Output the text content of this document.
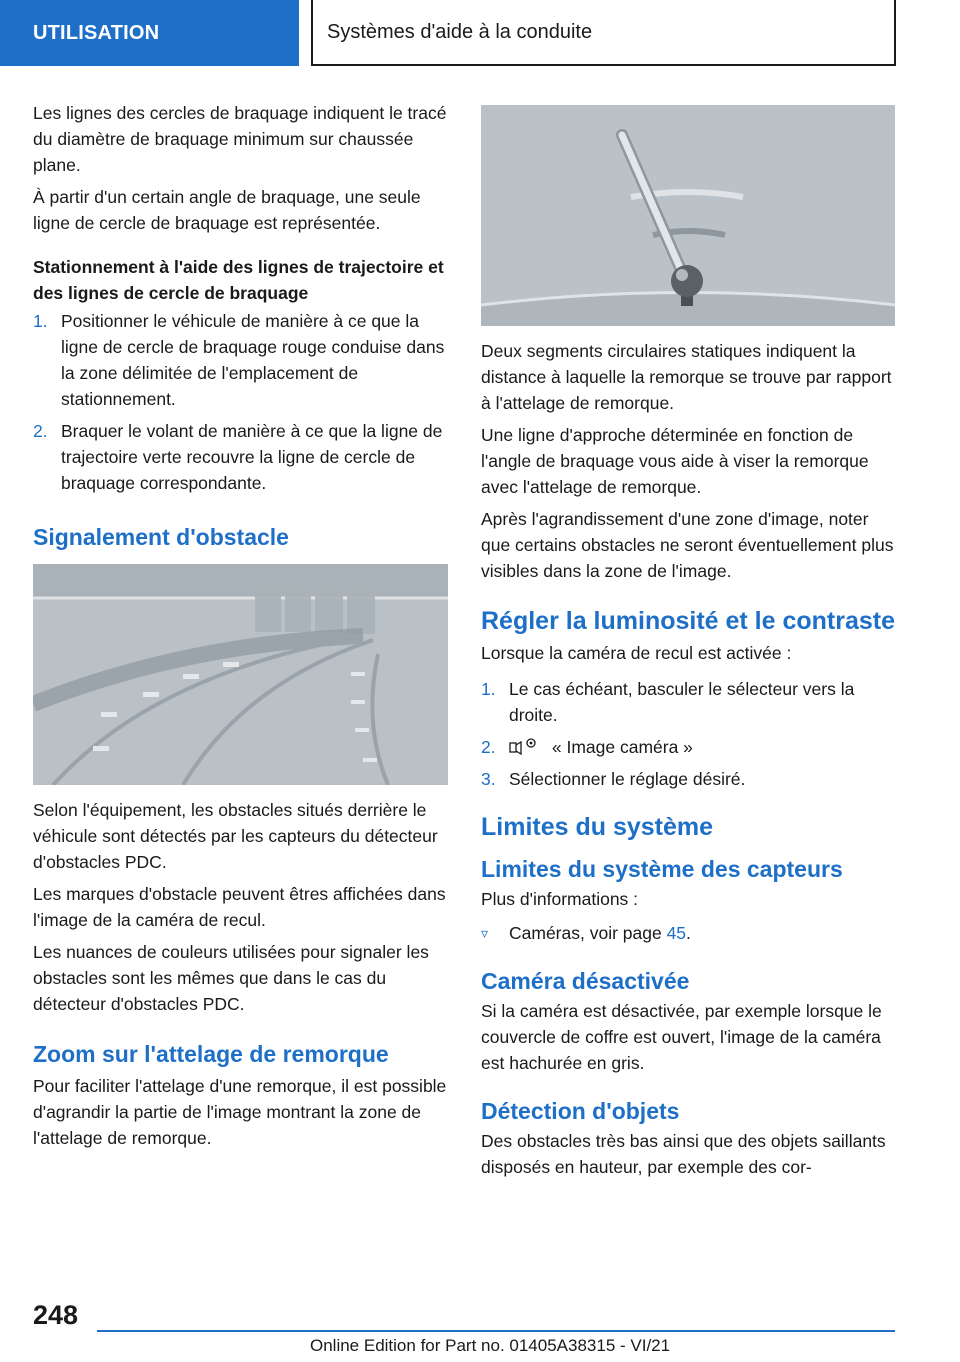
UTILISATION	Systèmes d'aide à la conduite

Les lignes des cercles de braquage indiquent le tracé du diamètre de braquage minimum sur chaussée plane.

À partir d'un certain angle de braquage, une seule ligne de cercle de braquage est représentée.

Stationnement à l'aide des lignes de trajectoire et des lignes de cercle de braquage
1. Positionner le véhicule de manière à ce que la ligne de cercle de braquage rouge conduise dans la zone délimitée de l'emplacement de stationnement.
2. Braquer le volant de manière à ce que la ligne de trajectoire verte recouvre la ligne de cercle de braquage correspondante.
Signalement d'obstacle

Selon l'équipement, les obstacles situés derrière le véhicule sont détectés par les capteurs du détecteur d'obstacles PDC.

Les marques d'obstacle peuvent êtres affichées dans l'image de la caméra de recul.

Les nuances de couleurs utilisées pour signaler les obstacles sont les mêmes que dans le cas du détecteur d'obstacles PDC.

Zoom sur l'attelage de remorque

Pour faciliter l'attelage d'une remorque, il est possible d'agrandir la partie de l'image montrant la zone de l'attelage de remorque.

Deux segments circulaires statiques indiquent la distance à laquelle la remorque se trouve par rapport à l'attelage de remorque.

Une ligne d'approche déterminée en fonction de l'angle de braquage vous aide à viser la remorque avec l'attelage de remorque.

Après l'agrandissement d'une zone d'image, noter que certains obstacles ne seront éventuellement plus visibles dans la zone de l'image.

Régler la luminosité et le contraste

Lorsque la caméra de recul est activée :

1. Le cas échéant, basculer le sélecteur vers la droite.
2.	« Image caméra »
3. Sélectionner le réglage désiré.
Limites du système
Limites du système des capteurs

Plus d'informations :

▿ Caméras, voir page 45.
Caméra désactivée

Si la caméra est désactivée, par exemple lorsque le couvercle de coffre est ouvert, l'image de la caméra est hachurée en gris.

Détection d'objets

Des obstacles très bas ainsi que des objets saillants disposés en hauteur, par exemple des cor-

248
Online Edition for Part no. 01405A38315 - VI/21
